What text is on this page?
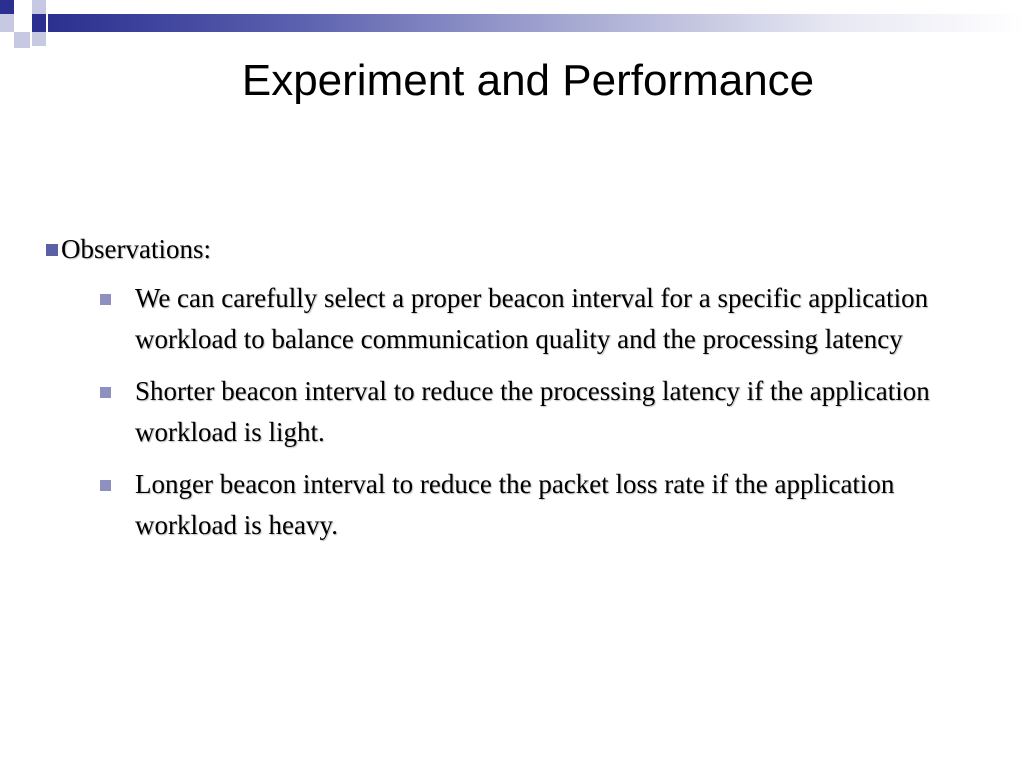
Experiment and Performance
Observations:
We can carefully select a proper beacon interval for a specific application workload to balance communication quality and the processing latency
Shorter beacon interval to reduce the processing latency if the application workload is light.
Longer beacon interval to reduce the packet loss rate if the application workload is heavy.
